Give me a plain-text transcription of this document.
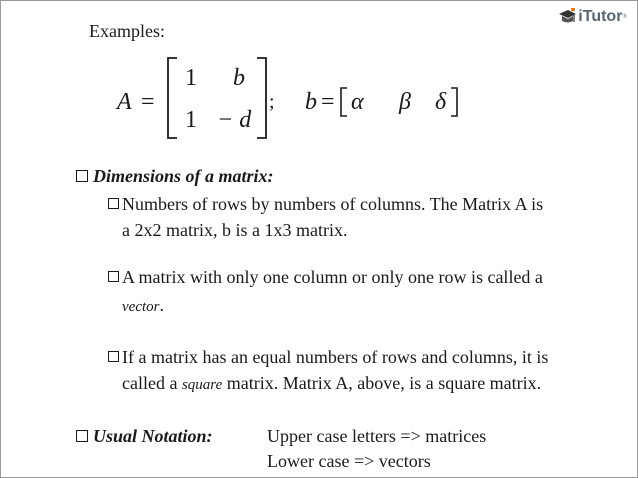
Examples:
iTutor ®
A =
1 b
1 − d
; b = α β δ
Dimensions of a matrix:
Numbers of rows by numbers of columns. The Matrix A is
a 2x2 matrix, b is a 1x3 matrix.
A matrix with only one column or only one row is called a
vector.
If a matrix has an equal numbers of rows and columns, it is
called a square matrix. Matrix A, above, is a square matrix.
Usual Notation:	Upper case letters => matrices
Lower case => vectors
